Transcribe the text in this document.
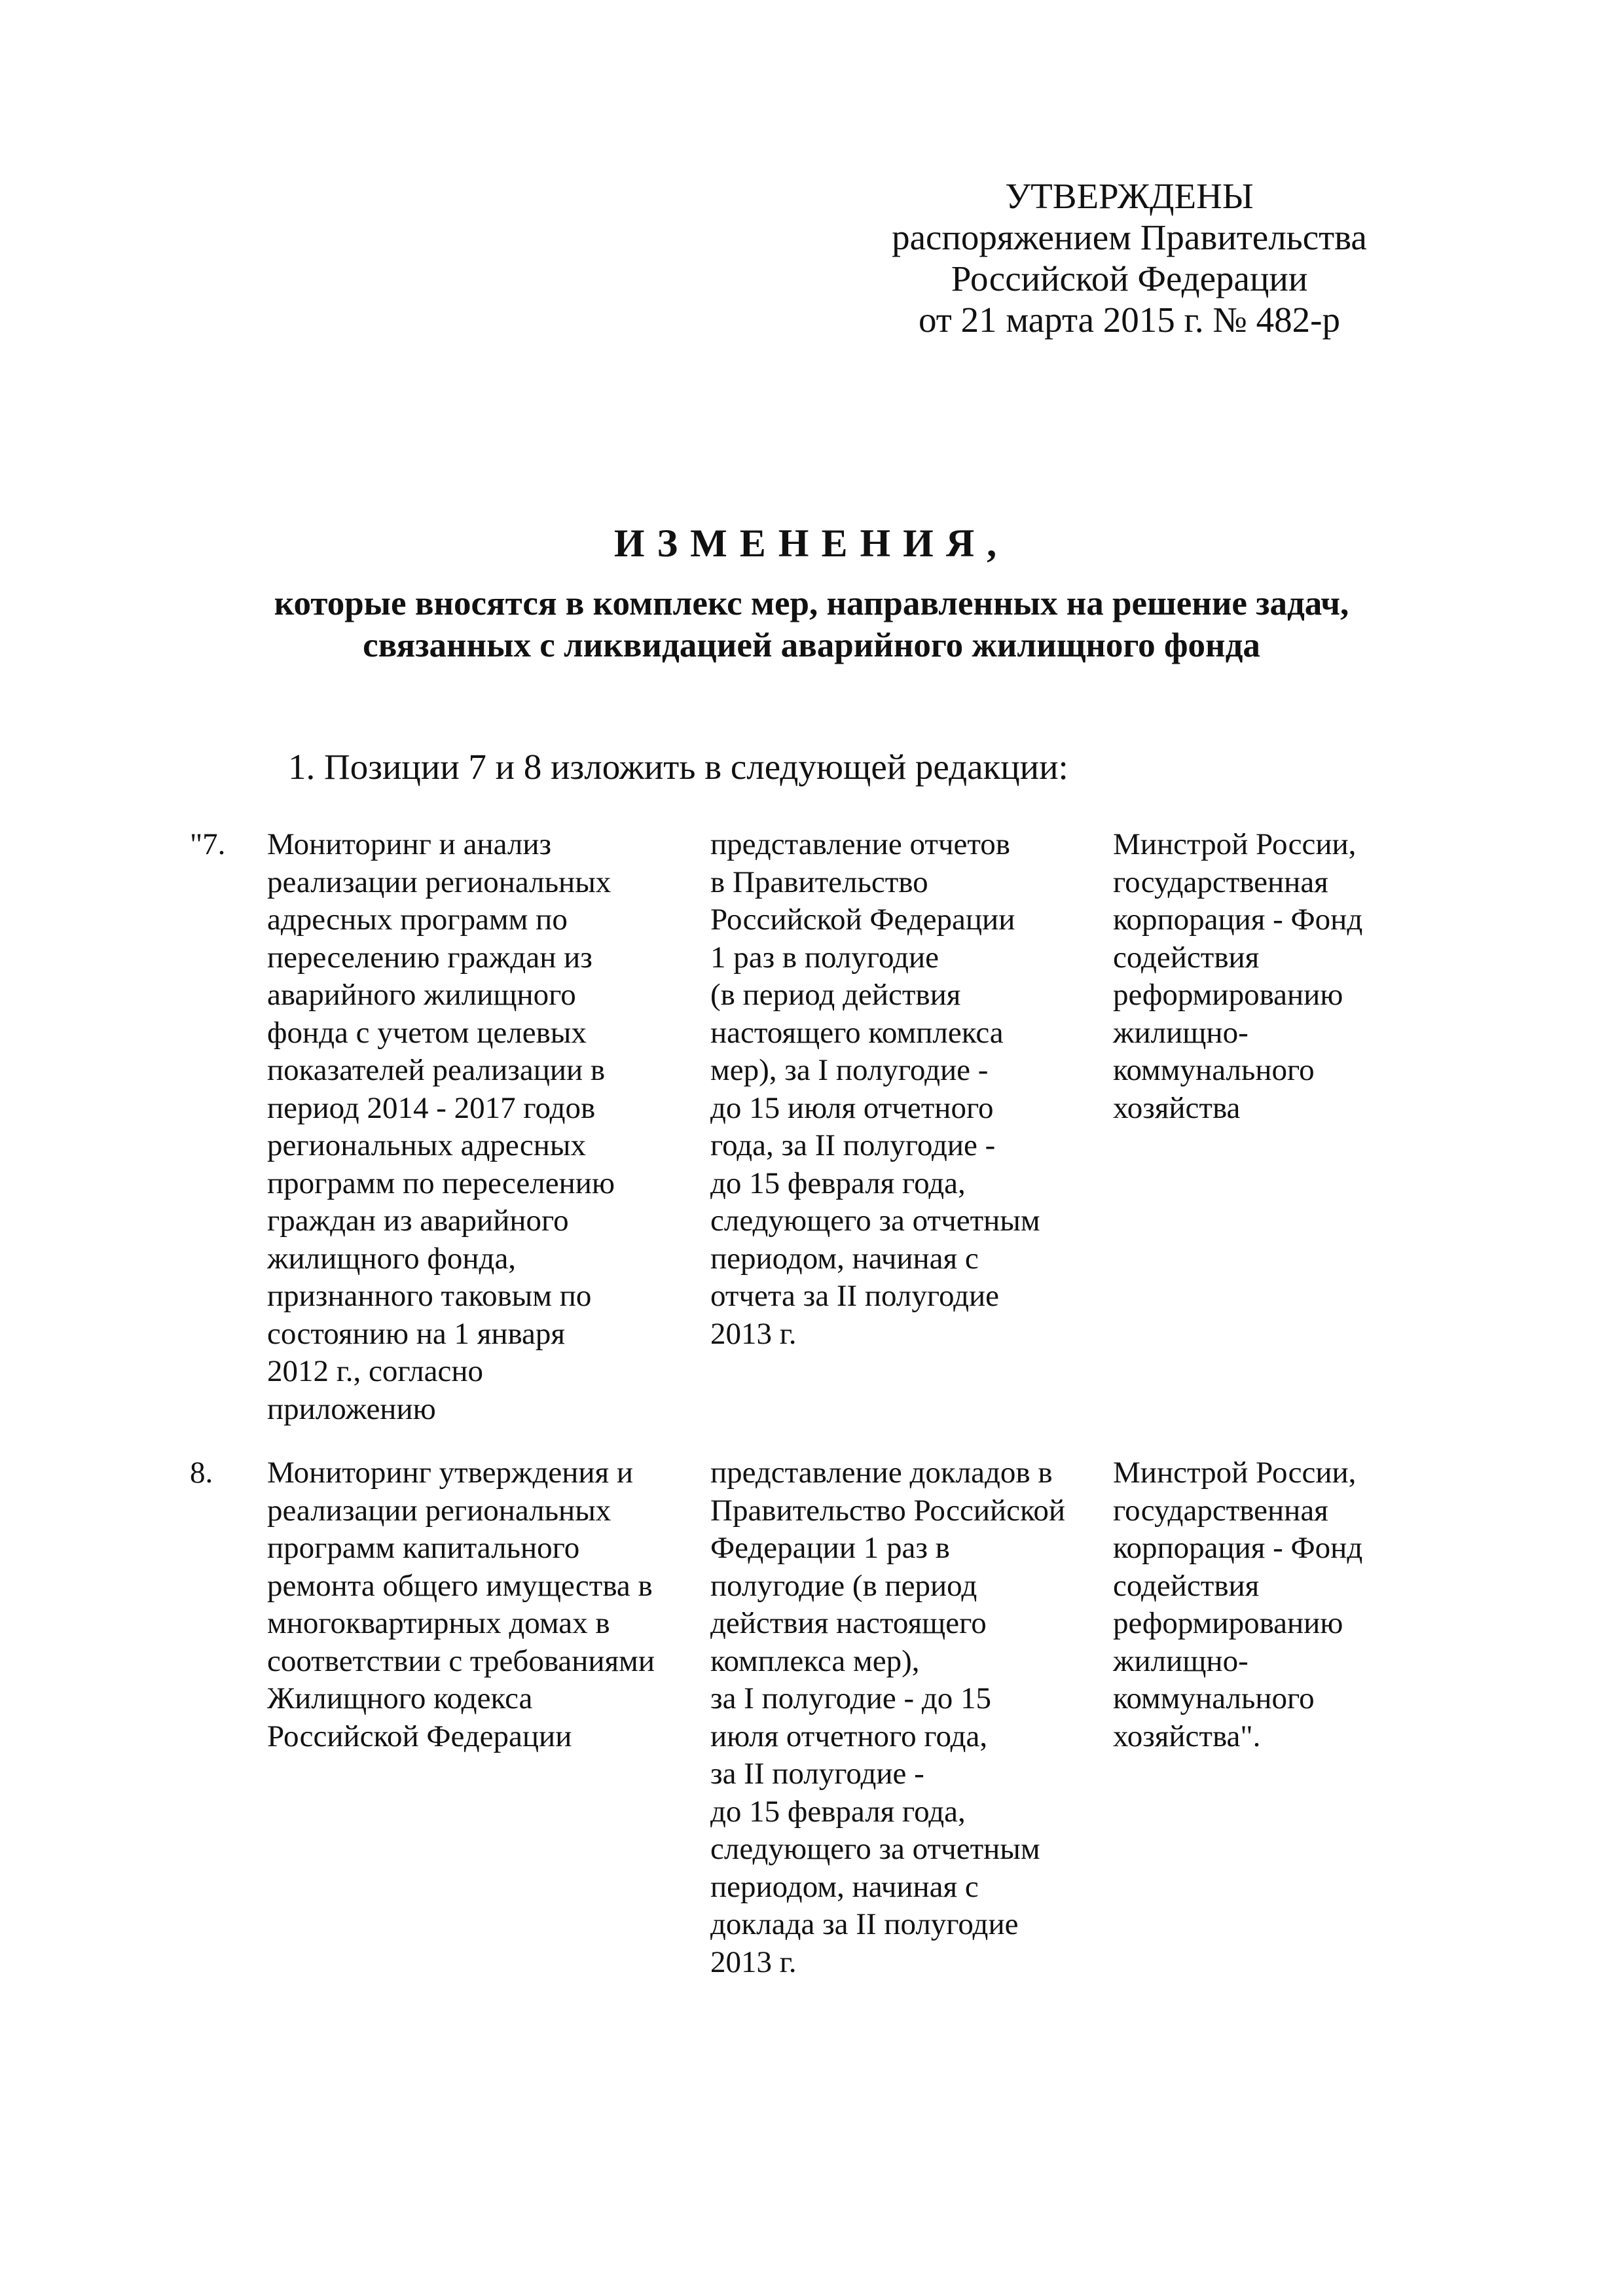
УТВЕРЖДЕНЫ
распоряжением Правительства
Российской Федерации
от 21 марта 2015 г. № 482-р
ИЗМЕНЕНИЯ,
которые вносятся в комплекс мер, направленных на решение задач,
связанных с ликвидацией аварийного жилищного фонда
1. Позиции 7 и 8 изложить в следующей редакции:
"7.	Мониторинг и анализ
реализации региональных
адресных программ по
переселению граждан из
аварийного жилищного
фонда с учетом целевых
показателей реализации в
период 2014 - 2017 годов
региональных адресных
программ по переселению
граждан из аварийного
жилищного фонда,
признанного таковым по
состоянию на 1 января
2012 г., согласно
приложению
представление отчетов
в Правительство
Российской Федерации
1 раз в полугодие
(в период действия
настоящего комплекса
мер), за I полугодие -
до 15 июля отчетного
года, за II полугодие -
до 15 февраля года,
следующего за отчетным
периодом, начиная с
отчета за II полугодие
2013 г.
Минстрой России,
государственная
корпорация - Фонд
содействия
реформированию
жилищно-
коммунального
хозяйства
8.	Мониторинг утверждения и
реализации региональных
программ капитального
ремонта общего имущества в
многоквартирных домах в
соответствии с требованиями
Жилищного кодекса
Российской Федерации
представление докладов в
Правительство Российской
Федерации 1 раз в
полугодие (в период
действия настоящего
комплекса мер),
за I полугодие - до 15
июля отчетного года,
за II полугодие -
до 15 февраля года,
следующего за отчетным
периодом, начиная с
доклада за II полугодие
2013 г.
Минстрой России,
государственная
корпорация - Фонд
содействия
реформированию
жилищно-
коммунального
хозяйства".
